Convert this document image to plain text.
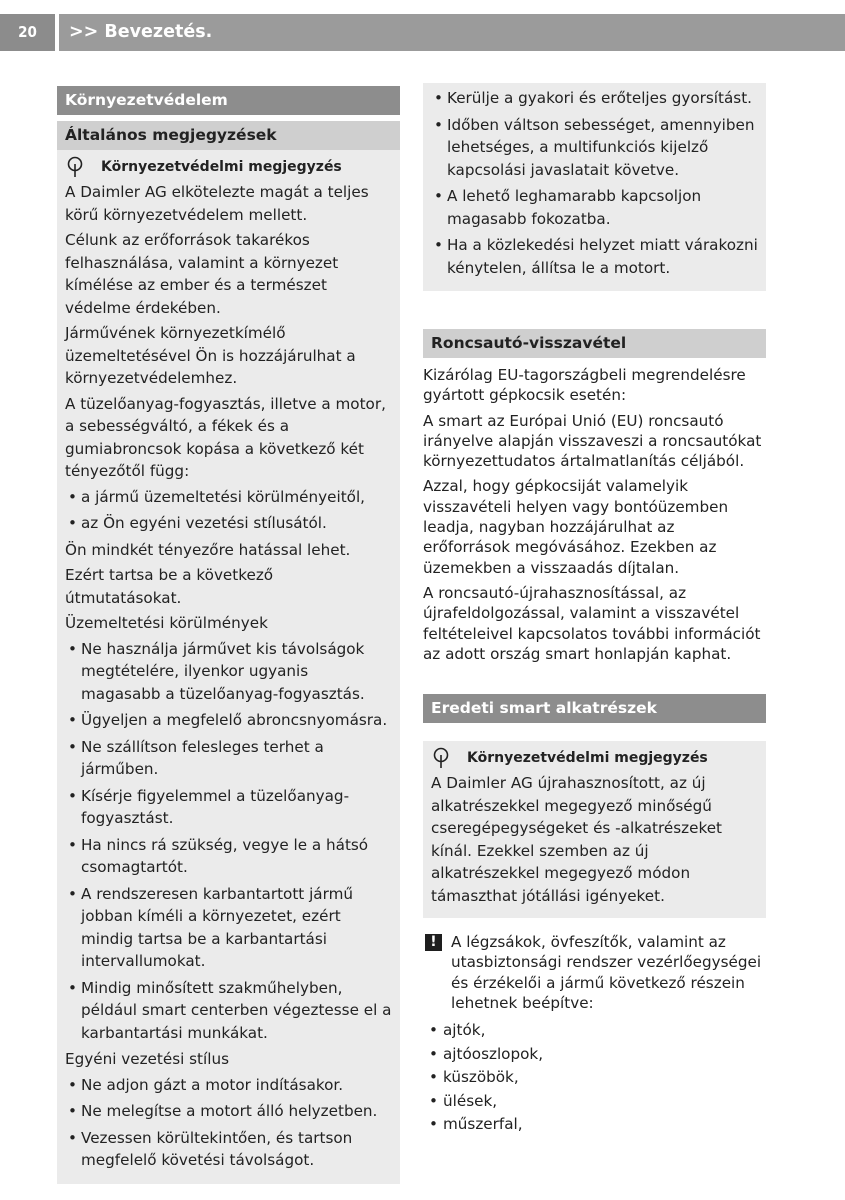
20	>> Bevezetés.
Környezetvédelem
Általános megjegyzések
Környezetvédelmi megjegyzés

A Daimler AG elkötelezte magát a teljes körű környezetvédelem mellett.

Célunk az erőforrások takarékos felhasználása, valamint a környezet kímélése az ember és a természet védelme érdekében.

Járművének környezetkímélő üzemeltetésével Ön is hozzájárulhat a környezetvédelemhez.

A tüzelőanyag-fogyasztás, illetve a motor, a sebességváltó, a fékek és a gumiabroncsok kopása a következő két tényezőtől függ:

• a jármű üzemeltetési körülményeitől,
• az Ön egyéni vezetési stílusától.

Ön mindkét tényezőre hatással lehet.

Ezért tartsa be a következő útmutatásokat.

Üzemeltetési körülmények

• Ne használja járművet kis távolságok megtételére, ilyenkor ugyanis magasabb a tüzelőanyag-fogyasztás.
• Ügyeljen a megfelelő abroncsnyomásra.
• Ne szállítson felesleges terhet a járműben.
• Kísérje figyelemmel a tüzelőanyag-fogyasztást.
• Ha nincs rá szükség, vegye le a hátsó csomagtartót.
• A rendszeresen karbantartott jármű jobban kíméli a környezetet, ezért mindig tartsa be a karbantartási intervallumokat.
• Mindig minősített szakműhelyben, például smart centerben végeztesse el a karbantartási munkákat.

Egyéni vezetési stílus

• Ne adjon gázt a motor indításakor.
• Ne melegítse a motort álló helyzetben.
• Vezessen körültekintően, és tartson megfelelő követési távolságot.
• Kerülje a gyakori és erőteljes gyorsítást.
• Időben váltson sebességet, amennyiben lehetséges, a multifunkciós kijelző kapcsolási javaslatait követve.
• A lehető leghamarabb kapcsoljon magasabb fokozatba.
• Ha a közlekedési helyzet miatt várakozni kénytelen, állítsa le a motort.
Roncsautó-visszavétel

Kizárólag EU-tagországbeli megrendelésre gyártott gépkocsik esetén:

A smart az Európai Unió (EU) roncsautó irányelve alapján visszaveszi a roncsautókat környezettudatos ártalmatlanítás céljából.

Azzal, hogy gépkocsiját valamelyik visszavételi helyen vagy bontóüzemben leadja, nagyban hozzájárulhat az erőforrások megóvásához. Ezekben az üzemekben a visszaadás díjtalan.

A roncsautó-újrahasznosítással, az újrafeldolgozással, valamint a visszavétel feltételeivel kapcsolatos további információt az adott ország smart honlapján kaphat.

Eredeti smart alkatrészek
Környezetvédelmi megjegyzés

A Daimler AG újrahasznosított, az új alkatrészekkel megegyező minőségű cseregépegységeket és -alkatrészeket kínál. Ezekkel szemben az új alkatrészekkel megegyező módon támaszthat jótállási igényeket.

! A légzsákok, övfeszítők, valamint az utasbiztonsági rendszer vezérlőegységei és érzékelői a jármű következő részein lehetnek beépítve:
• ajtók,
• ajtóoszlopok,
• küszöbök,
• ülések,
• műszerfal,
